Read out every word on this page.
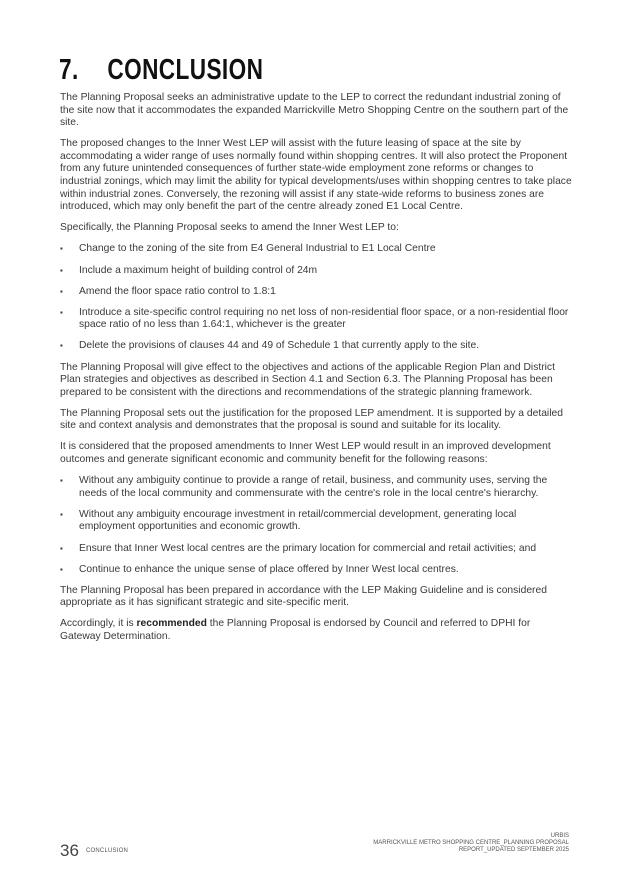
7. CONCLUSION

The Planning Proposal seeks an administrative update to the LEP to correct the redundant industrial zoning of the site now that it accommodates the expanded Marrickville Metro Shopping Centre on the southern part of the site.

The proposed changes to the Inner West LEP will assist with the future leasing of space at the site by accommodating a wider range of uses normally found within shopping centres. It will also protect the Proponent from any future unintended consequences of further state-wide employment zone reforms or changes to industrial zonings, which may limit the ability for typical developments/uses within shopping centres to take place within industrial zones. Conversely, the rezoning will assist if any state-wide reforms to business zones are introduced, which may only benefit the part of the centre already zoned E1 Local Centre.

Specifically, the Planning Proposal seeks to amend the Inner West LEP to:

▪ Change to the zoning of the site from E4 General Industrial to E1 Local Centre
▪ Include a maximum height of building control of 24m
▪ Amend the floor space ratio control to 1.8:1
▪ Introduce a site-specific control requiring no net loss of non-residential floor space, or a non-residential floor space ratio of no less than 1.64:1, whichever is the greater
▪ Delete the provisions of clauses 44 and 49 of Schedule 1 that currently apply to the site.

The Planning Proposal will give effect to the objectives and actions of the applicable Region Plan and District Plan strategies and objectives as described in Section 4.1 and Section 6.3. The Planning Proposal has been prepared to be consistent with the directions and recommendations of the strategic planning framework.

The Planning Proposal sets out the justification for the proposed LEP amendment. It is supported by a detailed site and context analysis and demonstrates that the proposal is sound and suitable for its locality.

It is considered that the proposed amendments to Inner West LEP would result in an improved development outcomes and generate significant economic and community benefit for the following reasons:

▪ Without any ambiguity continue to provide a range of retail, business, and community uses, serving the needs of the local community and commensurate with the centre's role in the local centre's hierarchy.
▪ Without any ambiguity encourage investment in retail/commercial development, generating local employment opportunities and economic growth.
▪ Ensure that Inner West local centres are the primary location for commercial and retail activities; and
▪ Continue to enhance the unique sense of place offered by Inner West local centres.

The Planning Proposal has been prepared in accordance with the LEP Making Guideline and is considered appropriate as it has significant strategic and site-specific merit.

Accordingly, it is recommended the Planning Proposal is endorsed by Council and referred to DPHI for Gateway Determination.

36 CONCLUSION
URBIS
MARRICKVILLE METRO SHOPPING CENTRE_PLANNING PROPOSAL
REPORT_UPDATED SEPTEMBER 2025
